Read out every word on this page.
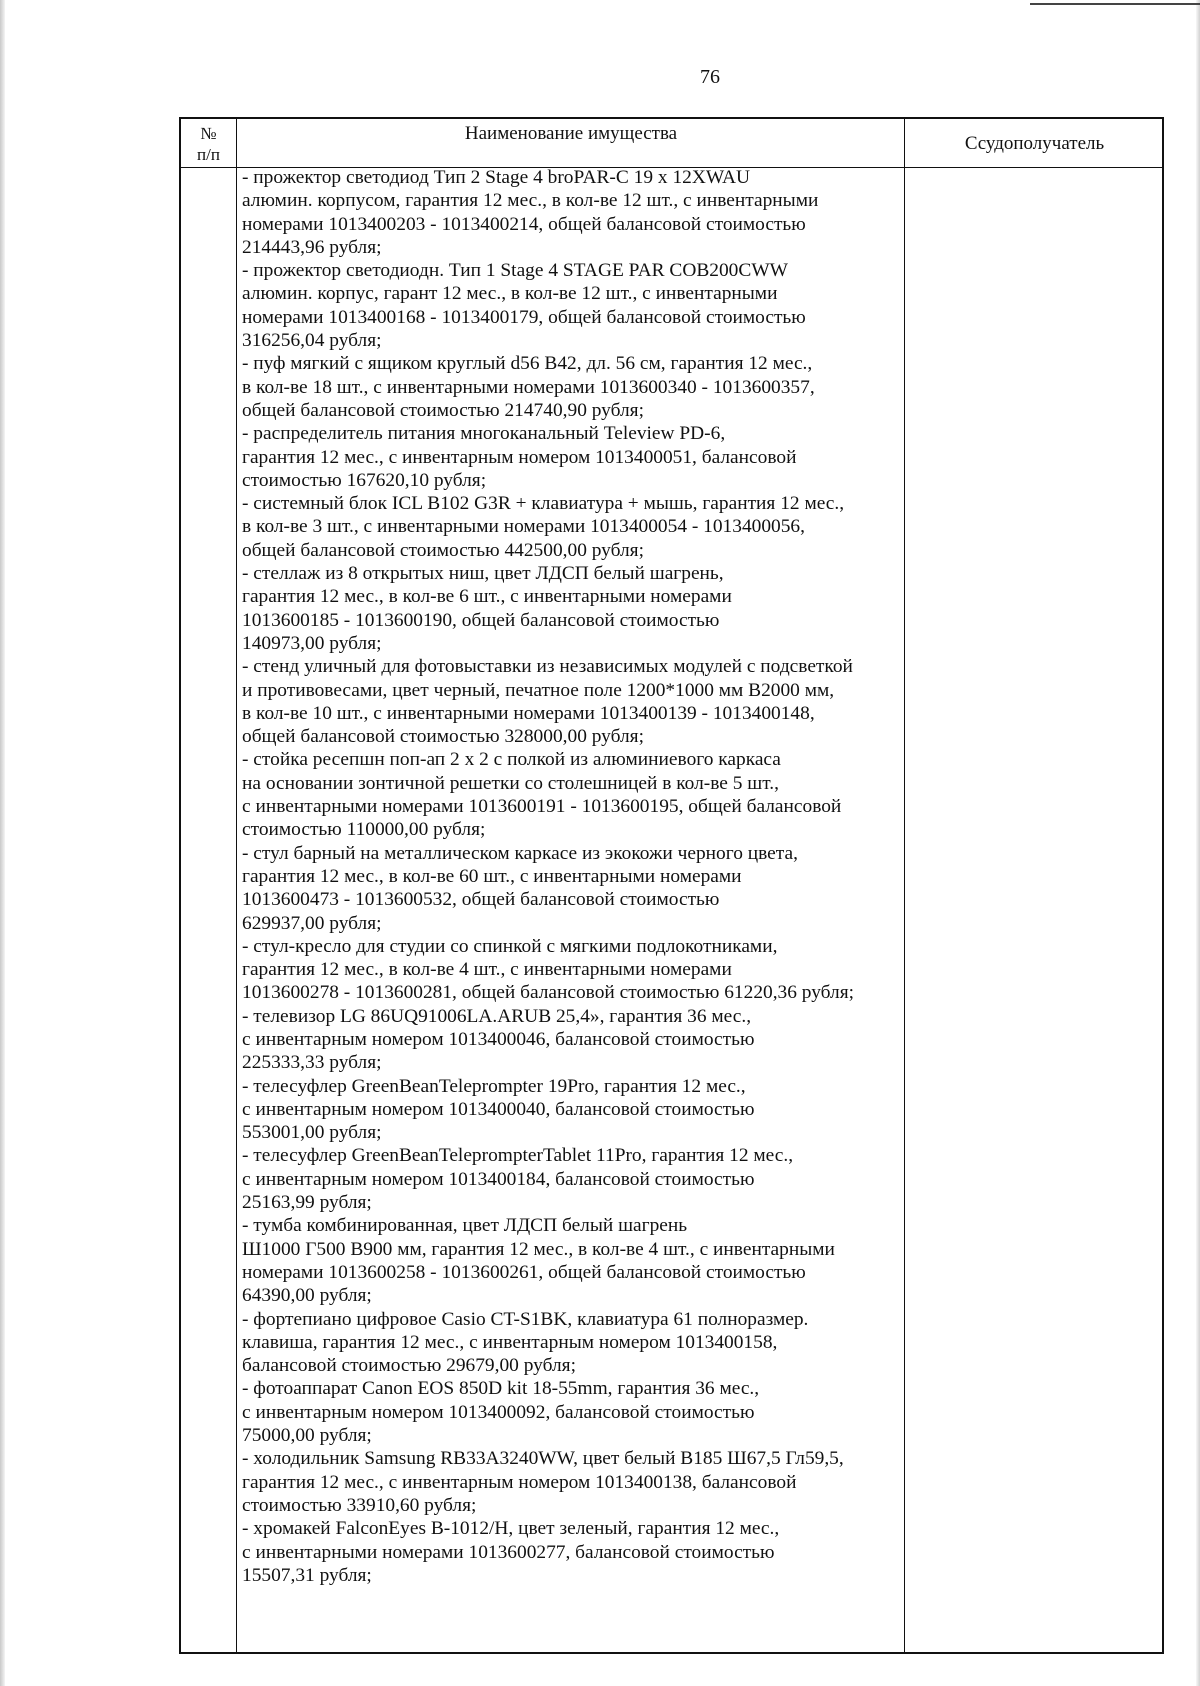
76
№
п/п
Наименование имущества	Ссудополучатель
- прожектор светодиод Тип 2 Stage 4 broPAR-C 19 x 12XWAU
алюмин. корпусом, гарантия 12 мес., в кол-ве 12 шт., с инвентарными
номерами 1013400203 - 1013400214, общей балансовой стоимостью
214443,96 рубля;
- прожектор светодиодн. Тип 1 Stage 4 STAGE PAR COB200CWW
алюмин. корпус, гарант 12 мес., в кол-ве 12 шт., с инвентарными
номерами 1013400168 - 1013400179, общей балансовой стоимостью
316256,04 рубля;
- пуф мягкий с ящиком круглый d56 B42, дл. 56 см, гарантия 12 мес.,
в кол-ве 18 шт., с инвентарными номерами 1013600340 - 1013600357,
общей балансовой стоимостью 214740,90 рубля;
- распределитель питания многоканальный Teleview PD-6,
гарантия 12 мес., с инвентарным номером 1013400051, балансовой
стоимостью 167620,10 рубля;
- системный блок ICL B102 G3R + клавиатура + мышь, гарантия 12 мес.,
в кол-ве 3 шт., с инвентарными номерами 1013400054 - 1013400056,
общей балансовой стоимостью 442500,00 рубля;
- стеллаж из 8 открытых ниш, цвет ЛДСП белый шагрень,
гарантия 12 мес., в кол-ве 6 шт., с инвентарными номерами
1013600185 - 1013600190, общей балансовой стоимостью
140973,00 рубля;
- стенд уличный для фотовыставки из независимых модулей с подсветкой
и противовесами, цвет черный, печатное поле 1200*1000 мм В2000 мм,
в кол-ве 10 шт., с инвентарными номерами 1013400139 - 1013400148,
общей балансовой стоимостью 328000,00 рубля;
- стойка ресепшн поп-ап 2 х 2 с полкой из алюминиевого каркаса
на основании зонтичной решетки со столешницей в кол-ве 5 шт.,
с инвентарными номерами 1013600191 - 1013600195, общей балансовой
стоимостью 110000,00 рубля;
- стул барный на металлическом каркасе из экокожи черного цвета,
гарантия 12 мес., в кол-ве 60 шт., с инвентарными номерами
1013600473 - 1013600532, общей балансовой стоимостью
629937,00 рубля;
- стул-кресло для студии со спинкой с мягкими подлокотниками,
гарантия 12 мес., в кол-ве 4 шт., с инвентарными номерами
1013600278 - 1013600281, общей балансовой стоимостью 61220,36 рубля;
- телевизор LG 86UQ91006LA.ARUB 25,4», гарантия 36 мес.,
с инвентарным номером 1013400046, балансовой стоимостью
225333,33 рубля;
- телесуфлер GreenBeanTeleprompter 19Pro, гарантия 12 мес.,
с инвентарным номером 1013400040, балансовой стоимостью
553001,00 рубля;
- телесуфлер GreenBeanTeleprompterTablet 11Pro, гарантия 12 мес.,
с инвентарным номером 1013400184, балансовой стоимостью
25163,99 рубля;
- тумба комбинированная, цвет ЛДСП белый шагрень
Ш1000 Г500 В900 мм, гарантия 12 мес., в кол-ве 4 шт., с инвентарными
номерами 1013600258 - 1013600261, общей балансовой стоимостью
64390,00 рубля;
- фортепиано цифровое Casio CT-S1BK, клавиатура 61 полноразмер.
клавиша, гарантия 12 мес., с инвентарным номером 1013400158,
балансовой стоимостью 29679,00 рубля;
- фотоаппарат Canon EOS 850D kit 18-55mm, гарантия 36 мес.,
с инвентарным номером 1013400092, балансовой стоимостью
75000,00 рубля;
- холодильник Samsung RB33A3240WW, цвет белый В185 Ш67,5 Гл59,5,
гарантия 12 мес., с инвентарным номером 1013400138, балансовой
стоимостью 33910,60 рубля;
- хромакей FalconEyes B-1012/H, цвет зеленый, гарантия 12 мес.,
с инвентарными номерами 1013600277, балансовой стоимостью
15507,31 рубля;
